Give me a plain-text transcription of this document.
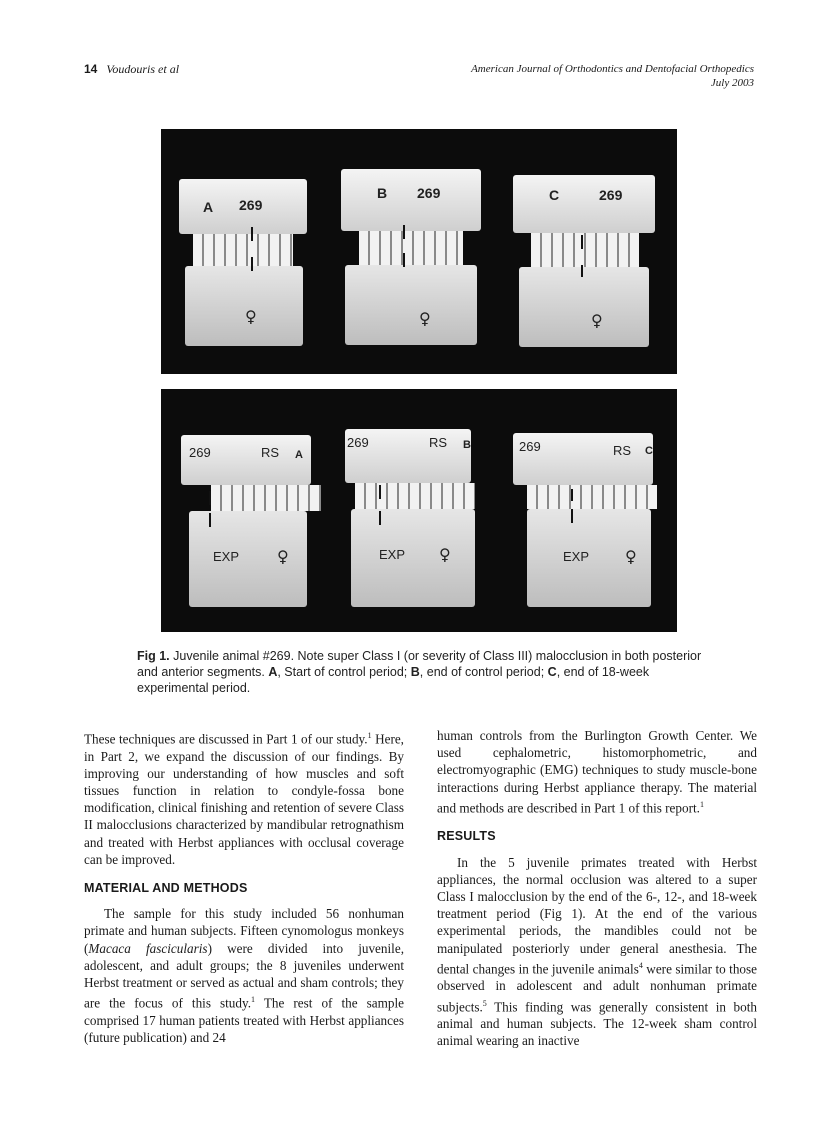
14 Voudouris et al	American Journal of Orthodontics and Dentofacial Orthopedics
July 2003
A 269
♀
B 269
♀
C	269
♀
269	RS A
EXP ♀
269	RS B
EXP ♀
269	RS C
EXP ♀
Fig 1. Juvenile animal #269. Note super Class I (or severity of Class III) malocclusion in both posterior and anterior segments. A, Start of control period; B, end of control period; C, end of 18-week experimental period.

These techniques are discussed in Part 1 of our study.$^1$ Here, in Part 2, we expand the discussion of our findings. By improving our understanding of how muscles and soft tissues function in relation to condyle-fossa bone modification, clinical finishing and retention of severe Class II malocclusions characterized by mandibular retrognathism and treated with Herbst appliances with occlusal coverage can be improved.

MATERIAL AND METHODS

The sample for this study included 56 nonhuman primate and human subjects. Fifteen cynomologus monkeys (Macaca fascicularis) were divided into juvenile, adolescent, and adult groups; the 8 juveniles underwent Herbst treatment or served as actual and sham controls; they are the focus of this study.$^1$ The rest of the sample comprised 17 human patients treated with Herbst appliances (future publication) and 24

human controls from the Burlington Growth Center. We used cephalometric, histomorphometric, and electromyographic (EMG) techniques to study muscle-bone interactions during Herbst appliance therapy. The material and methods are described in Part 1 of this report.$^1$

RESULTS

In the 5 juvenile primates treated with Herbst appliances, the normal occlusion was altered to a super Class I malocclusion by the end of the 6-, 12-, and 18-week treatment period (Fig 1). At the end of the various experimental periods, the mandibles could not be manipulated posteriorly under general anesthesia. The dental changes in the juvenile animals$^4$ were similar to those observed in adolescent and adult nonhuman primate subjects.$^5$ This finding was generally consistent in both animal and human subjects. The 12-week sham control animal wearing an inactive
